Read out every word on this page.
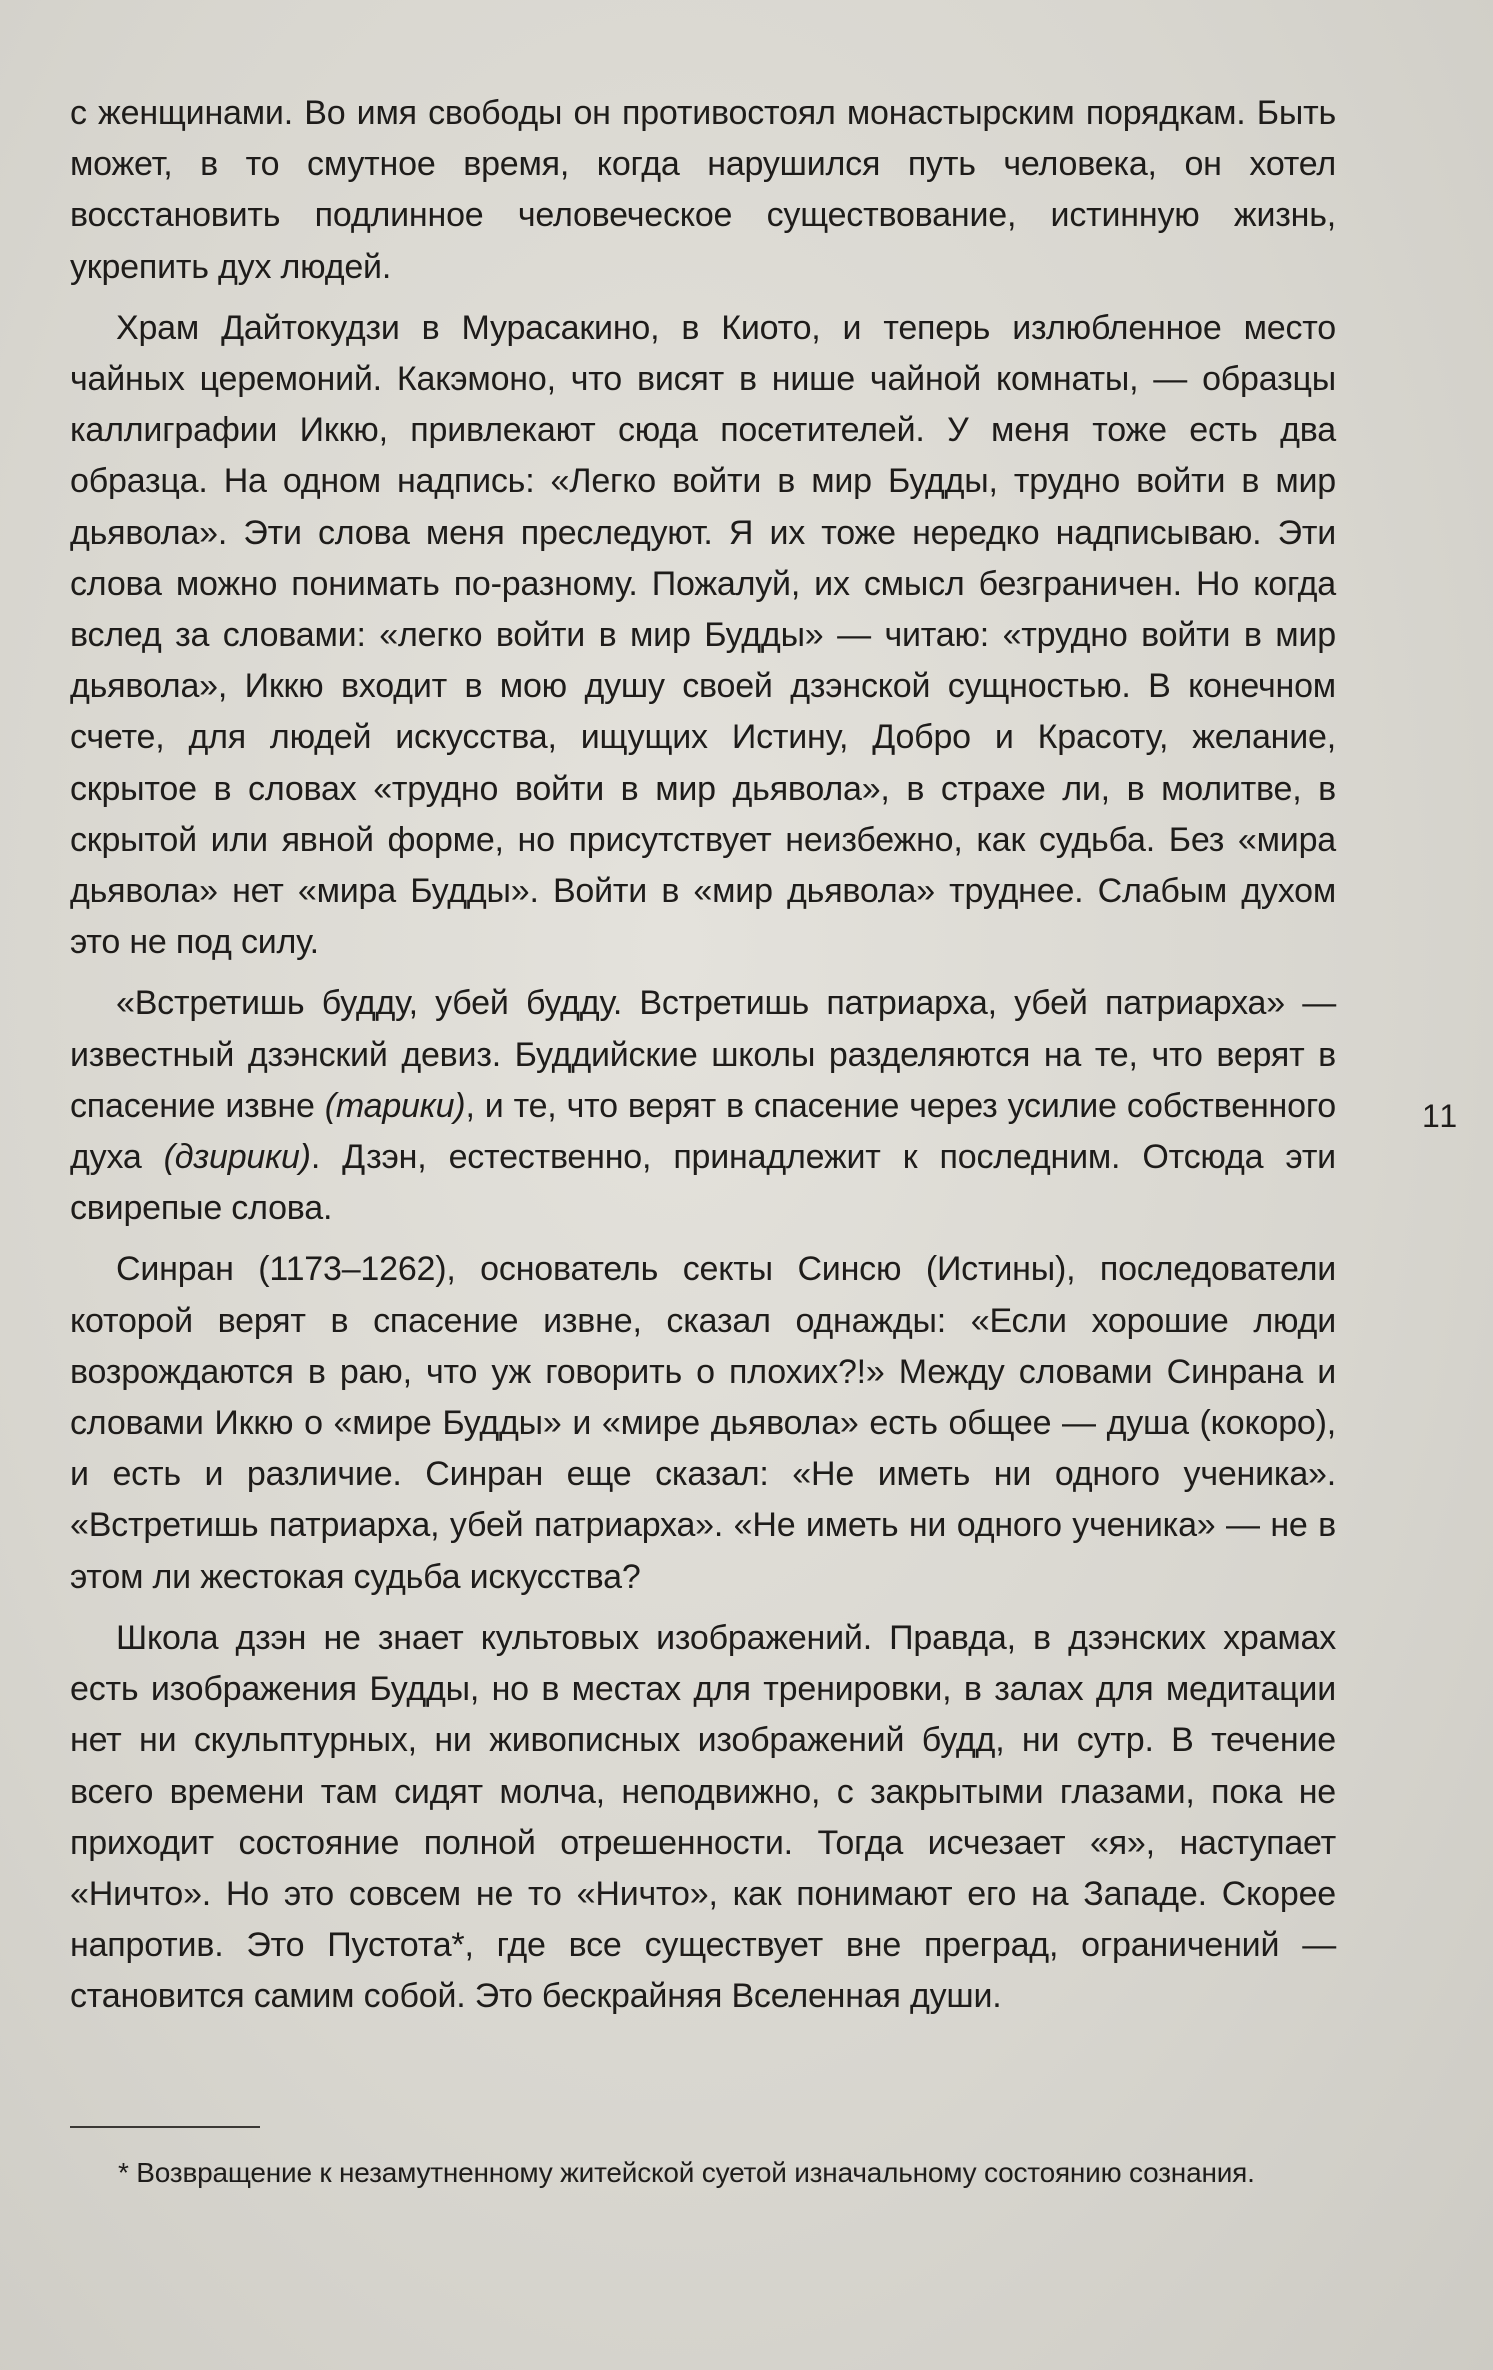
с женщинами. Во имя свободы он противостоял монастырским порядкам. Быть может, в то смутное время, когда нарушился путь человека, он хотел восстановить подлинное человеческое существование, истинную жизнь, укрепить дух людей.

Храм Дайтокудзи в Мурасакино, в Киото, и теперь излюбленное место чайных церемоний. Какэмоно, что висят в нише чайной комнаты, — образцы каллиграфии Иккю, привлекают сюда посетителей. У меня тоже есть два образца. На одном надпись: «Легко войти в мир Будды, трудно войти в мир дьявола». Эти слова меня преследуют. Я их тоже нередко надписываю. Эти слова можно понимать по-разному. Пожалуй, их смысл безграничен. Но когда вслед за словами: «легко войти в мир Будды» — читаю: «трудно войти в мир дьявола», Иккю входит в мою душу своей дзэнской сущностью. В конечном счете, для людей искусства, ищущих Истину, Добро и Красоту, желание, скрытое в словах «трудно войти в мир дьявола», в страхе ли, в молитве, в скрытой или явной форме, но присутствует неизбежно, как судьба. Без «мира дьявола» нет «мира Будды». Войти в «мир дьявола» труднее. Слабым духом это не под силу.

«Встретишь будду, убей будду. Встретишь патриарха, убей патриарха» — известный дзэнский девиз. Буддийские школы разделяются на те, что верят в спасение извне (тарики), и те, что верят в спасение через усилие собственного духа (дзирики). Дзэн, естественно, принадлежит к последним. Отсюда эти свирепые слова.

Синран (1173–1262), основатель секты Синсю (Истины), последователи которой верят в спасение извне, сказал однажды: «Если хорошие люди возрождаются в раю, что уж говорить о плохих?!» Между словами Синрана и словами Иккю о «мире Будды» и «мире дьявола» есть общее — душа (кокоро), и есть и различие. Синран еще сказал: «Не иметь ни одного ученика». «Встретишь патриарха, убей патриарха». «Не иметь ни одного ученика» — не в этом ли жестокая судьба искусства?

Школа дзэн не знает культовых изображений. Правда, в дзэнских храмах есть изображения Будды, но в местах для тренировки, в залах для медитации нет ни скульптурных, ни живописных изображений будд, ни сутр. В течение всего времени там сидят молча, неподвижно, с закрытыми глазами, пока не приходит состояние полной отрешенности. Тогда исчезает «я», наступает «Ничто». Но это совсем не то «Ничто», как понимают его на Западе. Скорее напротив. Это Пустота*, где все существует вне преград, ограничений — становится самим собой. Это бескрайняя Вселенная души.

11

* Возвращение к незамутненному житейской суетой изначальному состоянию сознания.
